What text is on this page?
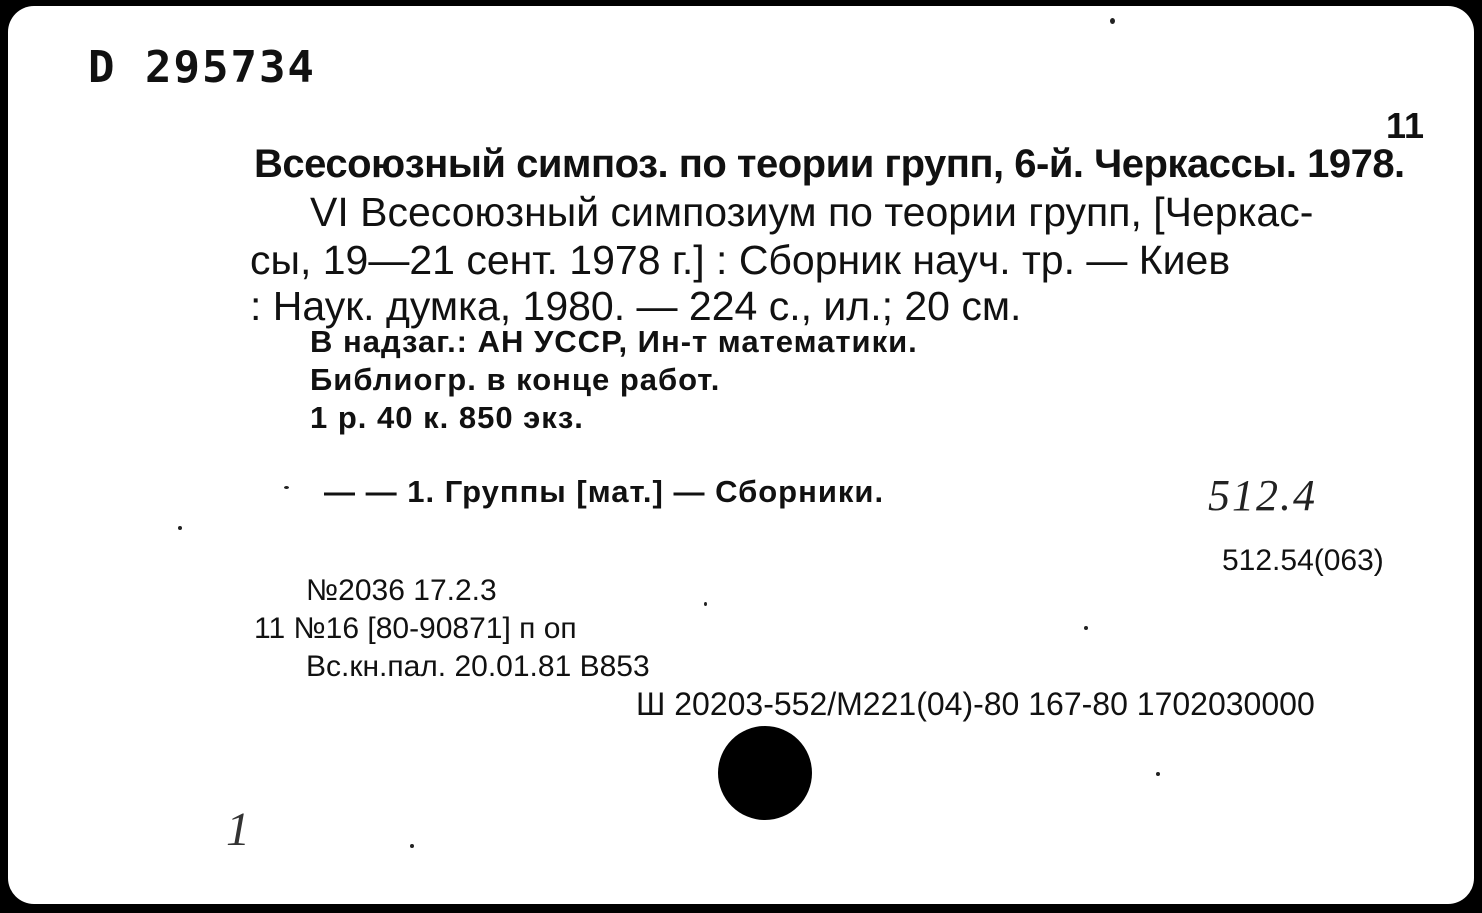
D 295734
11
Всесоюзный симпоз. по теории групп, 6-й. Черкассы. 1978.
VI Всесоюзный симпозиум по теории групп, [Черкас-
сы, 19—21 сент. 1978 г.] : Сборник науч. тр. — Киев
: Наук. думка, 1980. — 224 с., ил.; 20 см.
В надзаг.: АН УССР, Ин-т математики.
Библиогр. в конце работ.
1 р. 40 к. 850 экз.
— — 1. Группы [мат.] — Сборники.	512.4
512.54(063)
№2036 17.2.3
11 №16 [80-90871] п оп
Вс.кн.пал. 20.01.81 В853
Ш 20203-552/М221(04)-80 167-80 1702030000
1
